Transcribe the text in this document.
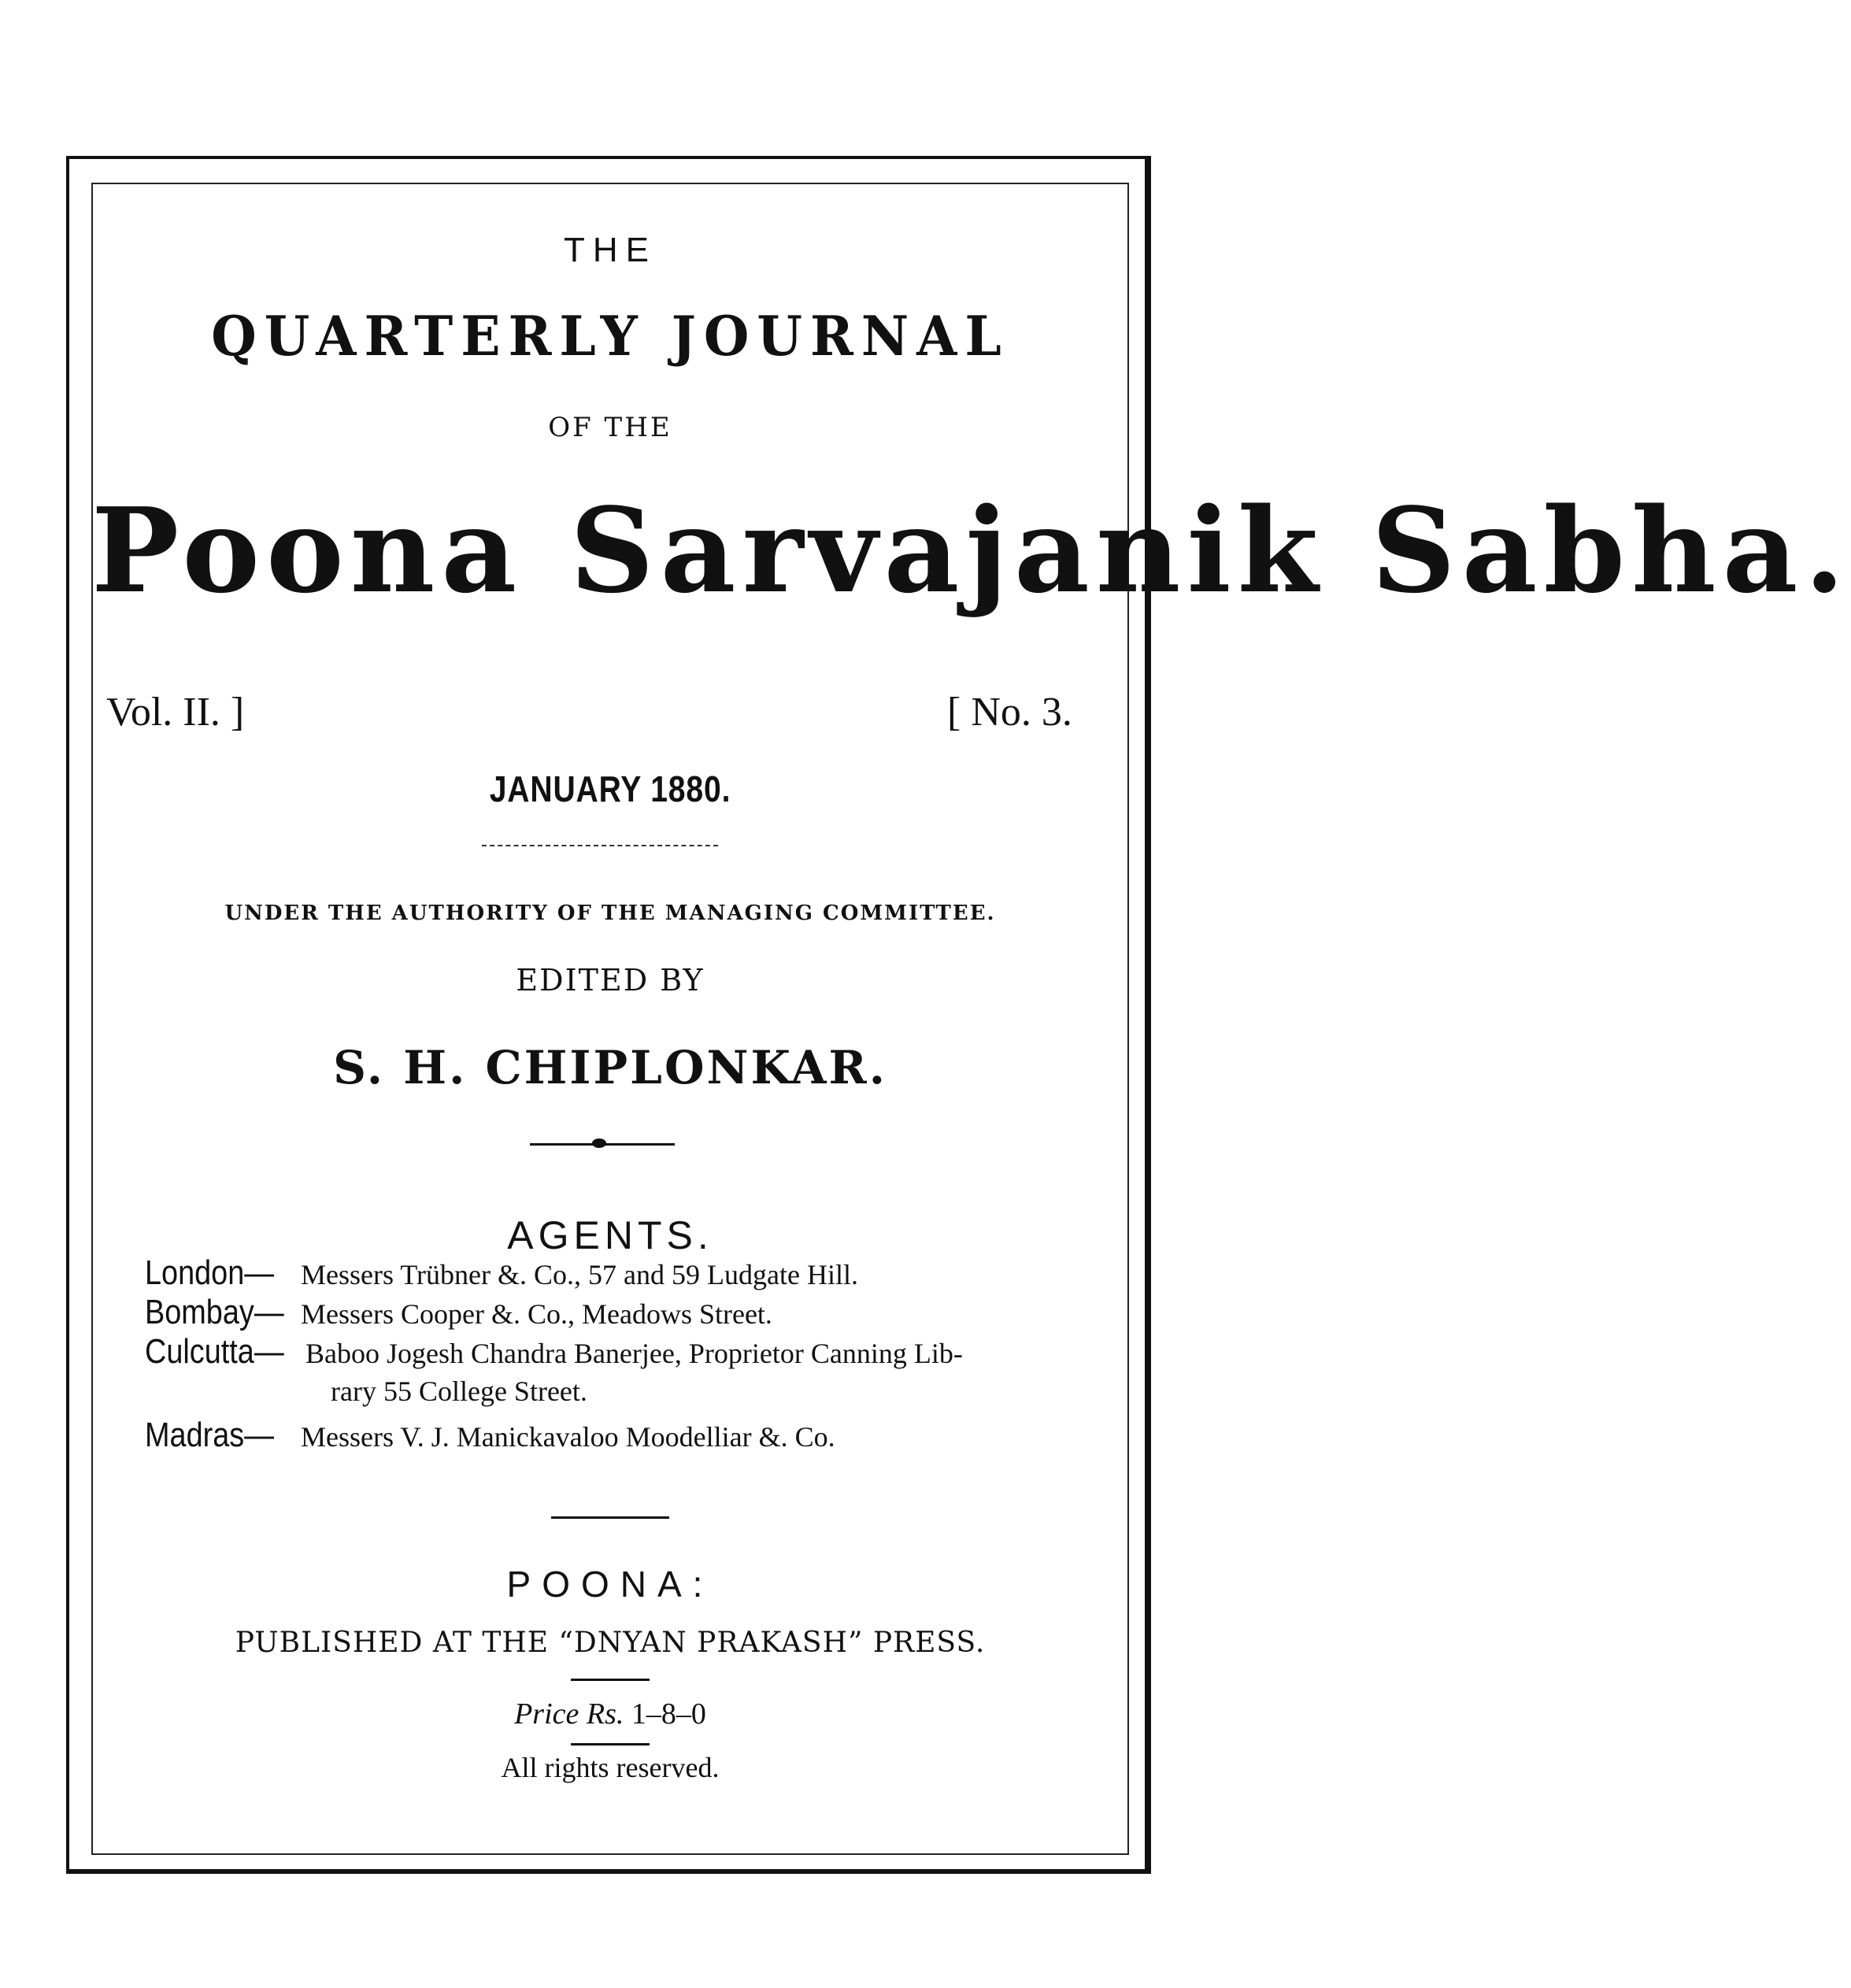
THE
QUARTERLY JOURNAL
OF THE
Poona Sarvajanik Sabha.
Vol. II. ]	[ No. 3.
JANUARY 1880.
UNDER THE AUTHORITY OF THE MANAGING COMMITTEE.
EDITED BY
S. H. CHIPLONKAR.
AGENTS.
London— Messers Trübner &. Co., 57 and 59 Ludgate Hill.
Bombay— Messers Cooper &. Co., Meadows Street.
Culcutta— Baboo Jogesh Chandra Banerjee, Proprietor Canning Lib-
rary 55 College Street.
Madras— Messers V. J. Manickavaloo Moodelliar &. Co.
POONA:
PUBLISHED AT THE “DNYAN PRAKASH” PRESS.
Price Rs. 1–8–0
All rights reserved.
